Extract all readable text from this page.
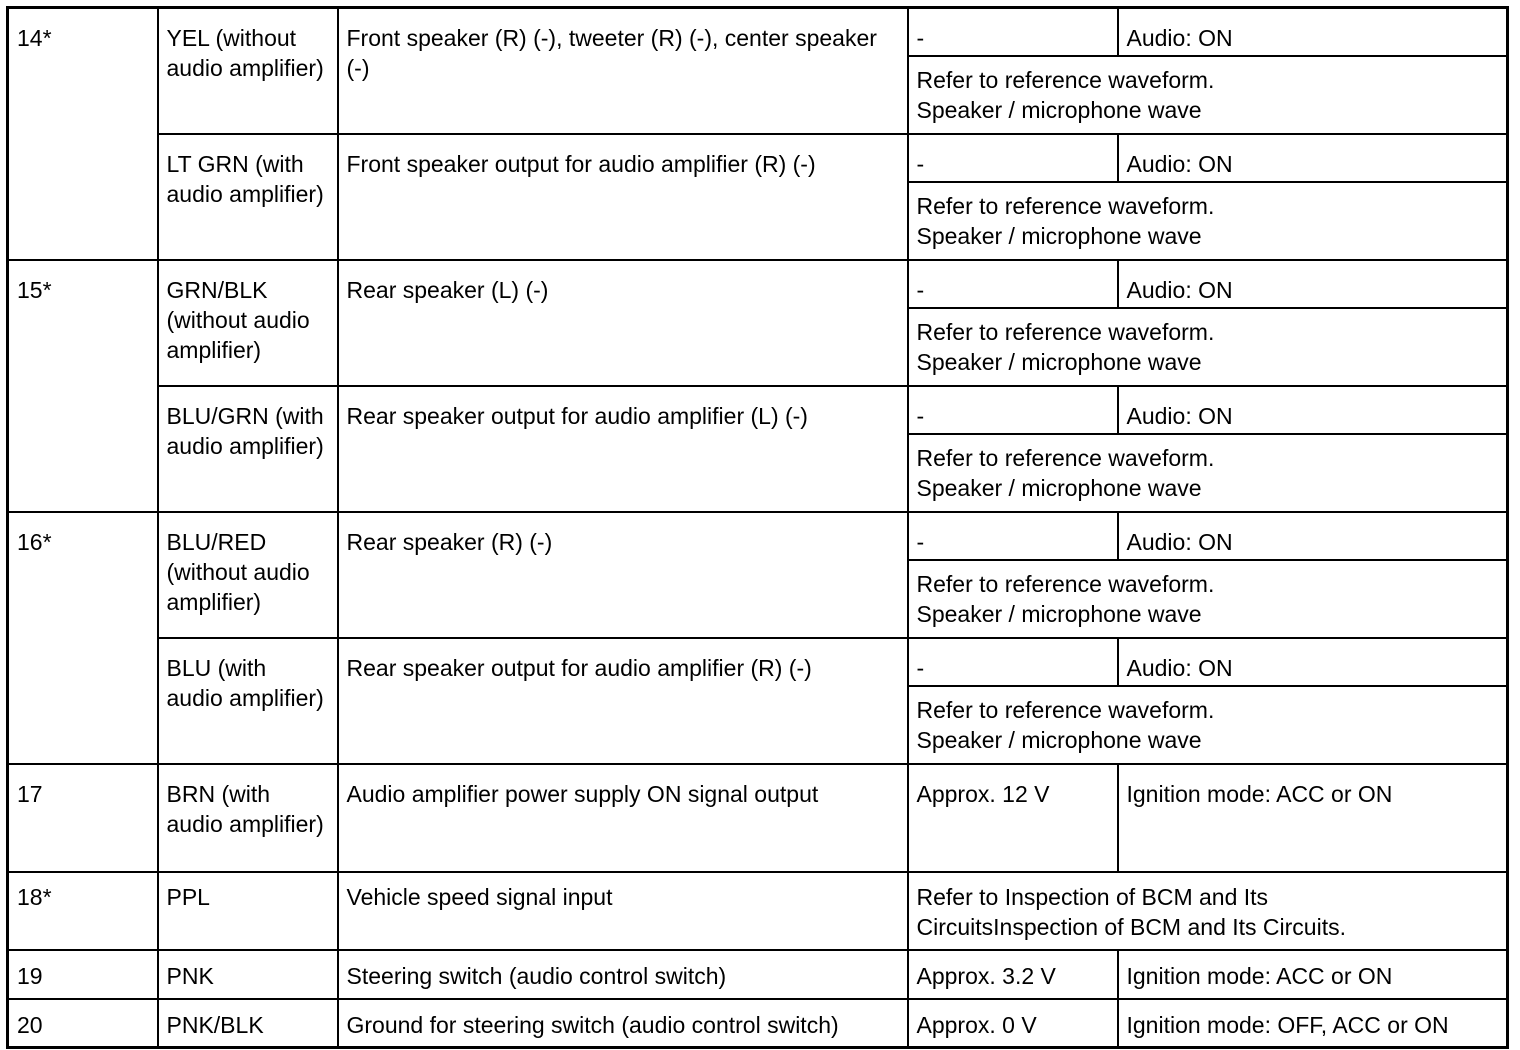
14*	YEL (without audio amplifier)	Front speaker (R) (-), tweeter (R) (-), center speaker (-)	-	Audio: ON

			Refer to reference waveform.
Speaker / microphone wave	

	LT GRN (with audio amplifier)	Front speaker output for audio amplifier (R) (-)	-	Audio: ON

			Refer to reference waveform.
Speaker / microphone wave	

15*	GRN/BLK (without audio amplifier)	Rear speaker (L) (-)	-	Audio: ON

			Refer to reference waveform.
Speaker / microphone wave	

	BLU/GRN (with audio amplifier)	Rear speaker output for audio amplifier (L) (-)	-	Audio: ON

			Refer to reference waveform.
Speaker / microphone wave	

16*	BLU/RED (without audio amplifier)	Rear speaker (R) (-)	-	Audio: ON

			Refer to reference waveform.
Speaker / microphone wave	

	BLU (with audio amplifier)	Rear speaker output for audio amplifier (R) (-)	-	Audio: ON

			Refer to reference waveform.
Speaker / microphone wave	

17	BRN (with audio amplifier)	Audio amplifier power supply ON signal output	Approx. 12 V	Ignition mode: ACC or ON
18*	PPL	Vehicle speed signal input	Refer to Inspection of BCM and Its
CircuitsInspection of BCM and Its Circuits.	

19	PNK	Steering switch (audio control switch)	Approx. 3.2 V	Ignition mode: ACC or ON
20	PNK/BLK	Ground for steering switch (audio control switch)	Approx. 0 V	Ignition mode: OFF, ACC or ON
